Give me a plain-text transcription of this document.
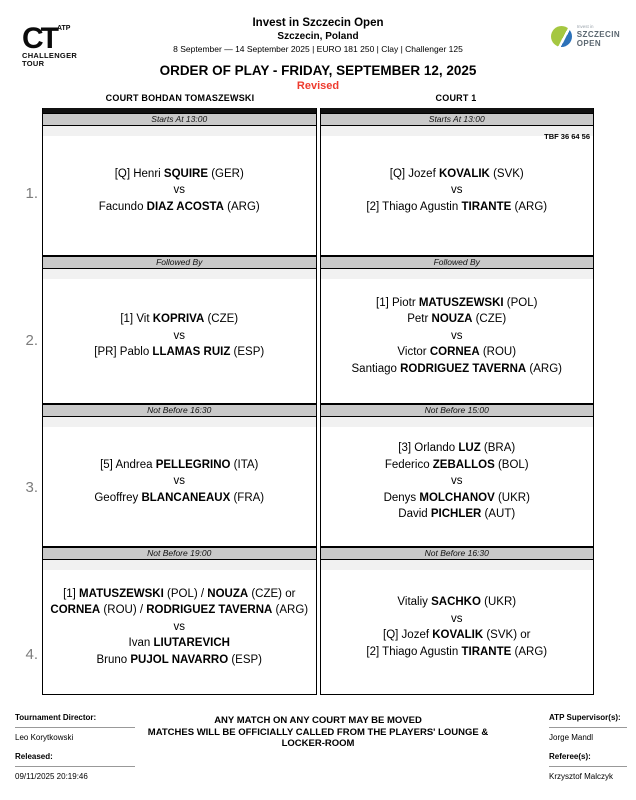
$CT^{ATP}$
CHALLENGER
TOUR
Invest in Szczecin Open
Szczecin, Poland
8 September — 14 September 2025 | EURO 181 250 | Clay | Challenger 125
ORDER OF PLAY - FRIDAY, SEPTEMBER 12, 2025
Revised
Invest in
SZCZECIN
OPEN
COURT BOHDAN TOMASZEWSKI	COURT 1
Starts At 13:00
[Q] Henri SQUIRE (GER)
vs
Facundo DIAZ ACOSTA (ARG)
Followed By
[1] Vit KOPRIVA (CZE)
vs
[PR] Pablo LLAMAS RUIZ (ESP)
Not Before 16:30
[5] Andrea PELLEGRINO (ITA)
vs
Geoffrey BLANCANEAUX (FRA)
Not Before 19:00
[1] MATUSZEWSKI (POL) / NOUZA (CZE) or
CORNEA (ROU) / RODRIGUEZ TAVERNA (ARG)
vs
Ivan LIUTAREVICH
Bruno PUJOL NAVARRO (ESP)
Starts At 13:00
TBF 36 64 56
[Q] Jozef KOVALIK (SVK)
vs
[2] Thiago Agustin TIRANTE (ARG)
Followed By
[1] Piotr MATUSZEWSKI (POL)
Petr NOUZA (CZE)
vs
Victor CORNEA (ROU)
Santiago RODRIGUEZ TAVERNA (ARG)
Not Before 15:00
[3] Orlando LUZ (BRA)
Federico ZEBALLOS (BOL)
vs
Denys MOLCHANOV (UKR)
David PICHLER (AUT)
Not Before 16:30
Vitaliy SACHKO (UKR)
vs
[Q] Jozef KOVALIK (SVK) or
[2] Thiago Agustin TIRANTE (ARG)
1.
2.
3.
4.
Tournament Director:
Leo Korytkowski
Released:
09/11/2025 20:19:46
ANY MATCH ON ANY COURT MAY BE MOVED
MATCHES WILL BE OFFICIALLY CALLED FROM THE PLAYERS' LOUNGE & LOCKER-ROOM
ATP Supervisor(s):
Jorge Mandl
Referee(s):
Krzysztof Malczyk
